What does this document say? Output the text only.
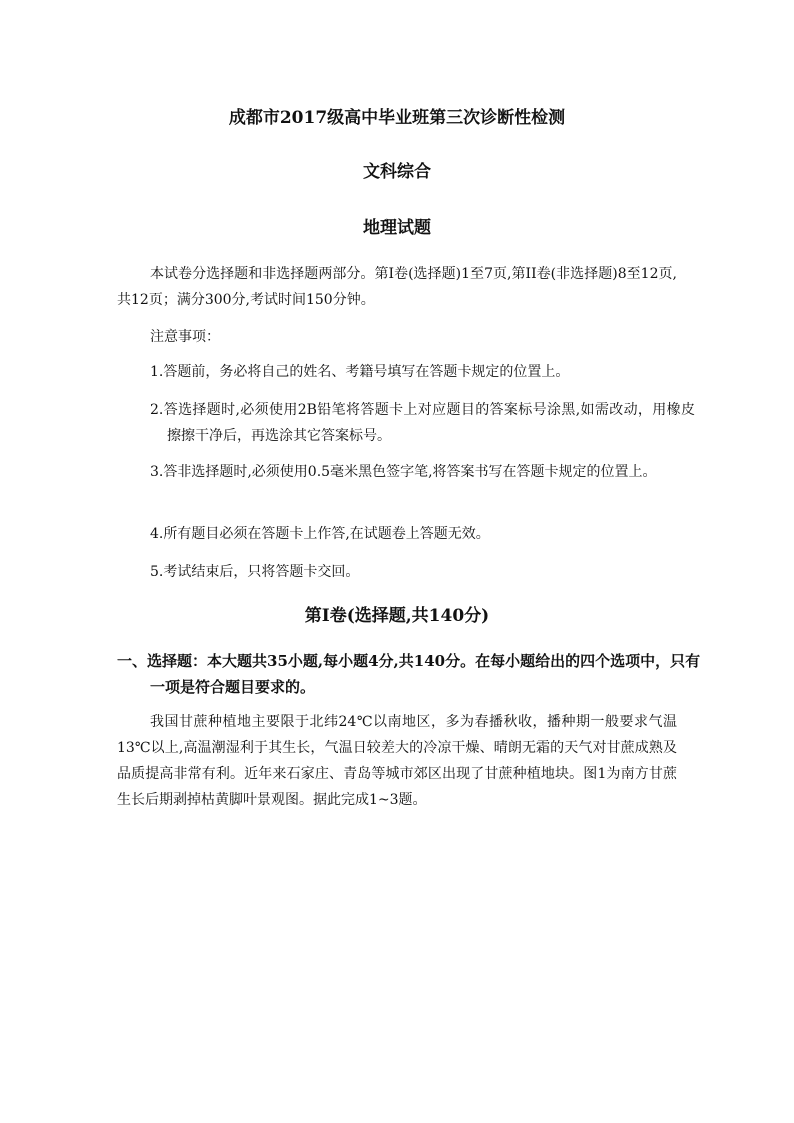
成都市2017级高中毕业班第三次诊断性检测
文科综合
地理试题

本试卷分选择题和非选择题两部分。第I卷(选择题)1至7页,第II卷(非选择题)8至12页,共12页；满分300分,考试时间150分钟。

注意事项：

1.答题前，务必将自己的姓名、考籍号填写在答题卡规定的位置上。

2.答选择题时,必须使用2B铅笔将答题卡上对应题目的答案标号涂黑,如需改动，用橡皮擦擦干净后，再选涂其它答案标号。

3.答非选择题时,必须使用0.5毫米黑色签字笔,将答案书写在答题卡规定的位置上。

4.所有题目必须在答题卡上作答,在试题卷上答题无效。

5.考试结束后，只将答题卡交回。

第I卷(选择题,共140分)

一、选择题：本大题共35小题,每小题4分,共140分。在每小题给出的四个选项中，只有一项是符合题目要求的。

我国甘蔗种植地主要限于北纬24℃以南地区，多为春播秋收，播种期一般要求气温13℃以上,高温潮湿利于其生长，气温日较差大的冷凉干燥、晴朗无霜的天气对甘蔗成熟及品质提高非常有利。近年来石家庄、青岛等城市郊区出现了甘蔗种植地块。图1为南方甘蔗生长后期剥掉枯黄脚叶景观图。据此完成1~3题。
